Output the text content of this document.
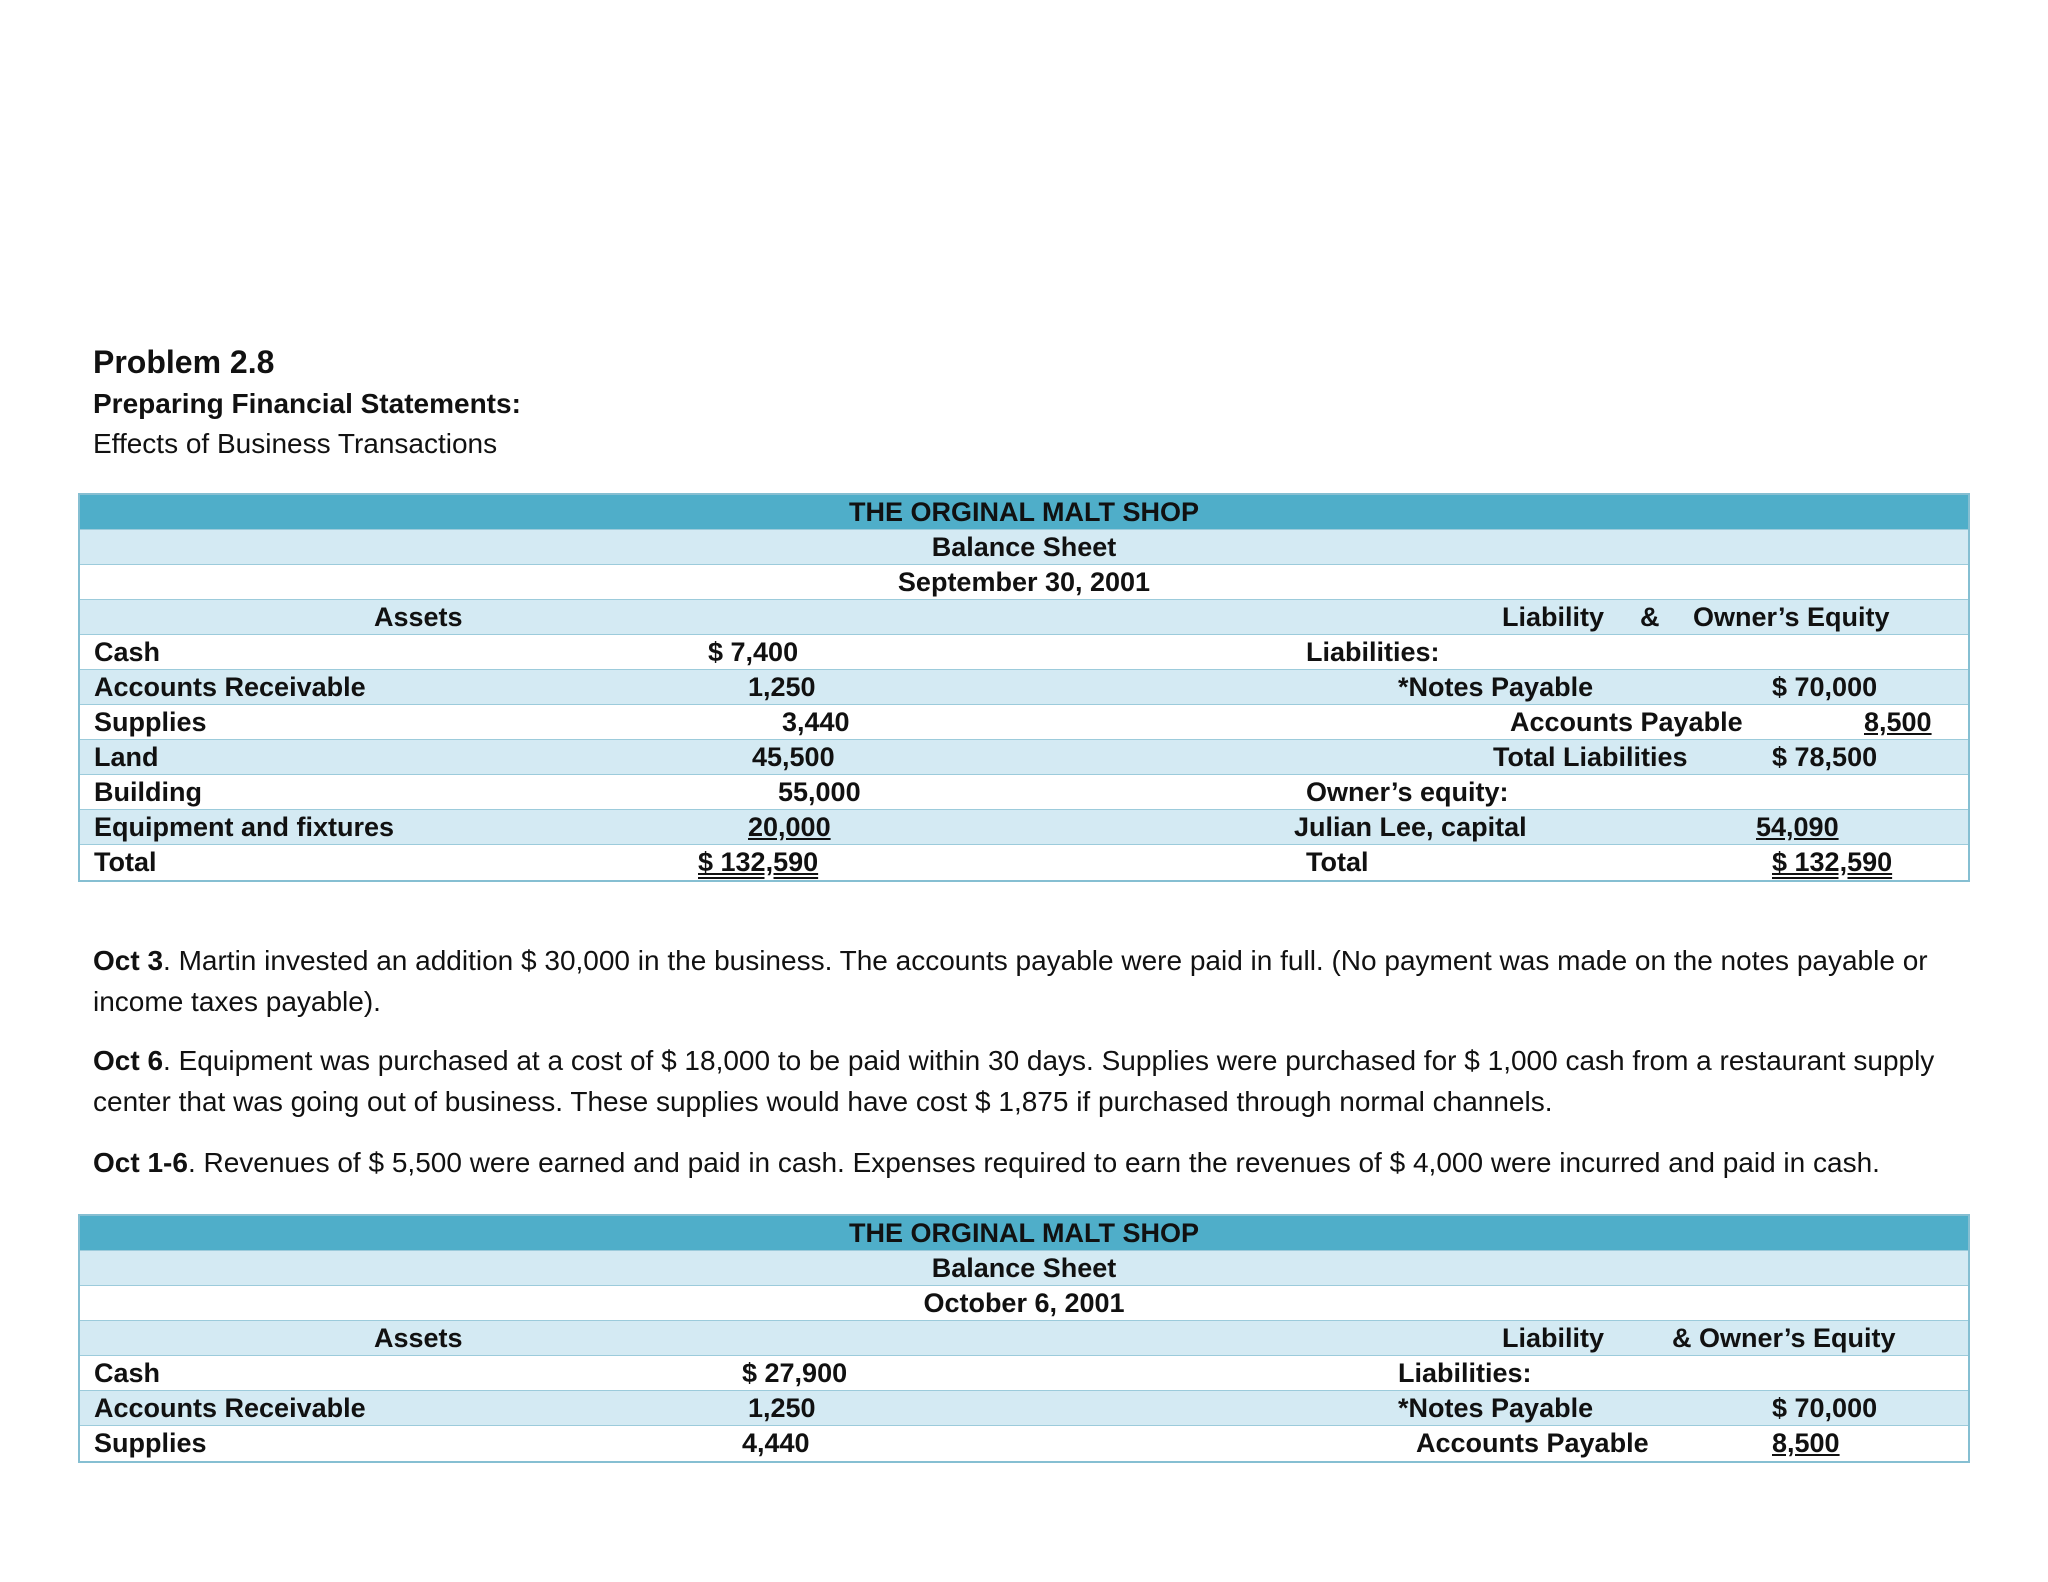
Problem 2.8
Preparing Financial Statements:
Effects of Business Transactions
THE ORGINAL MALT SHOP
Balance Sheet
September 30, 2001
Assets	Liability & Owner’s Equity
Cash	$ 7,400	Liabilities:
Accounts Receivable	1,250	*Notes Payable	$ 70,000
Supplies	3,440	Accounts Payable	8,500
Land	45,500	Total Liabilities	$ 78,500
Building	55,000	Owner’s equity:
Equipment and fixtures	20,000	Julian Lee, capital	54,090
Total	$ 132,590	Total	$ 132,590
Oct 3. Martin invested an addition $ 30,000 in the business. The accounts payable were paid in full. (No payment was made on the notes payable or income taxes payable).
Oct 6. Equipment was purchased at a cost of $ 18,000 to be paid within 30 days. Supplies were purchased for $ 1,000 cash from a restaurant supply center that was going out of business. These supplies would have cost $ 1,875 if purchased through normal channels.
Oct 1-6. Revenues of $ 5,500 were earned and paid in cash. Expenses required to earn the revenues of $ 4,000 were incurred and paid in cash.
THE ORGINAL MALT SHOP
Balance Sheet
October 6, 2001
Assets	Liability	& Owner’s Equity
Cash	$ 27,900	Liabilities:
Accounts Receivable	1,250	*Notes Payable	$ 70,000
Supplies	4,440	Accounts Payable	8,500
